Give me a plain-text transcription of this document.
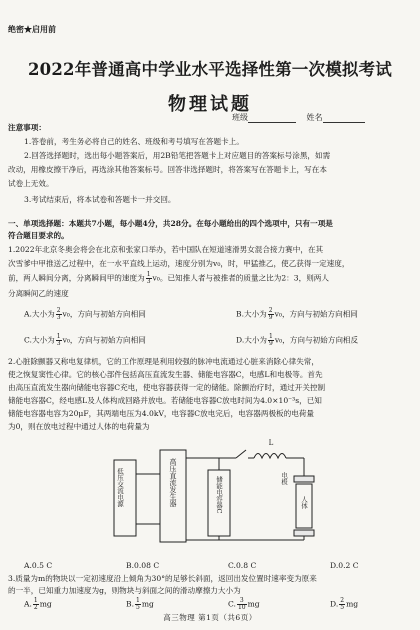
绝密★启用前
2022年普通高中学业水平选择性第一次模拟考试
物理试题
班级	姓名
注意事项：
1.答卷前，考生务必将自己的姓名、班级和考号填写在答题卡上。
2.回答选择题时，选出每小题答案后，用2B铅笔把答题卡上对应题目的答案标号涂黑，如需
改动，用橡皮擦干净后，再选涂其他答案标号。回答非选择题时，将答案写在答题卡上，写在本
试卷上无效。
3.考试结束后，将本试卷和答题卡一并交回。
一、单项选择题：本题共7小题，每小题4分，共28分。在每小题给出的四个选项中，只有一项是
符合题目要求的。
1.2022年北京冬奥会将会在北京和张家口举办，若中国队在短道速滑男女混合接力赛中，在其
次雪爹中甲推送乙过程中，在一水平直线上运动，速度分别为v₀，时，甲猛推乙，使乙获得一定速度，
前，两人瞬间分离，分离瞬间甲的速度为 $\frac{1}{3} v_0$。已知推人者与被推者的质量之比为2：3，则两人
分离瞬间乙的速度
A.大小为 $\frac{2}{3} v_0$，方向与初始方向相同	B.大小为 $\frac{2}{9} v_0$，方向与初始方向相同
C.大小为 $\frac{1}{3} v_0$，方向与初始方向相同	D.大小为 $\frac{1}{9} v_0$，方向与初始方向相反
2.心脏除颤器又称电复律机，它的工作原理是利用较强的脉冲电流通过心脏来消除心律失常，
使之恢复窦性心律。它的核心部件包括高压直流发生器、储能电容器C，电感L和电极等。首先
由高压直流发生器向储能电容器C充电，使电容器获得一定的储能。除颤治疗时，通过开关控制
储能电容器C，经电感L及人体构成回路并放电。若储能电容器C放电时间为4.0×10⁻³s，已知
储能电容器电容为20μF，其两端电压为4.0kV，电容器C放电完后，电容器两极板的电荷量
为0，则在放电过程中通过人体的电荷量为
L
低压交流电源	高压直流发生器	储能电容器C	电极
人体
A.0.5 C	B.0.08 C	C.0.8 C	D.0.2 C
3.质量为m的物块以一定初速度沿上倾角为30°的足够长斜面，返回出发位置时速率变为原来
的一半，已知重力加速度为g，则物块与斜面之间的滑动摩擦力大小为
A. $\frac{1}{2}$ mg	B. $\frac{1}{5}$ mg	C. $\frac{3}{10}$ mg	D. $\frac{2}{5}$ mg
高三物理 第1页（共6页）
